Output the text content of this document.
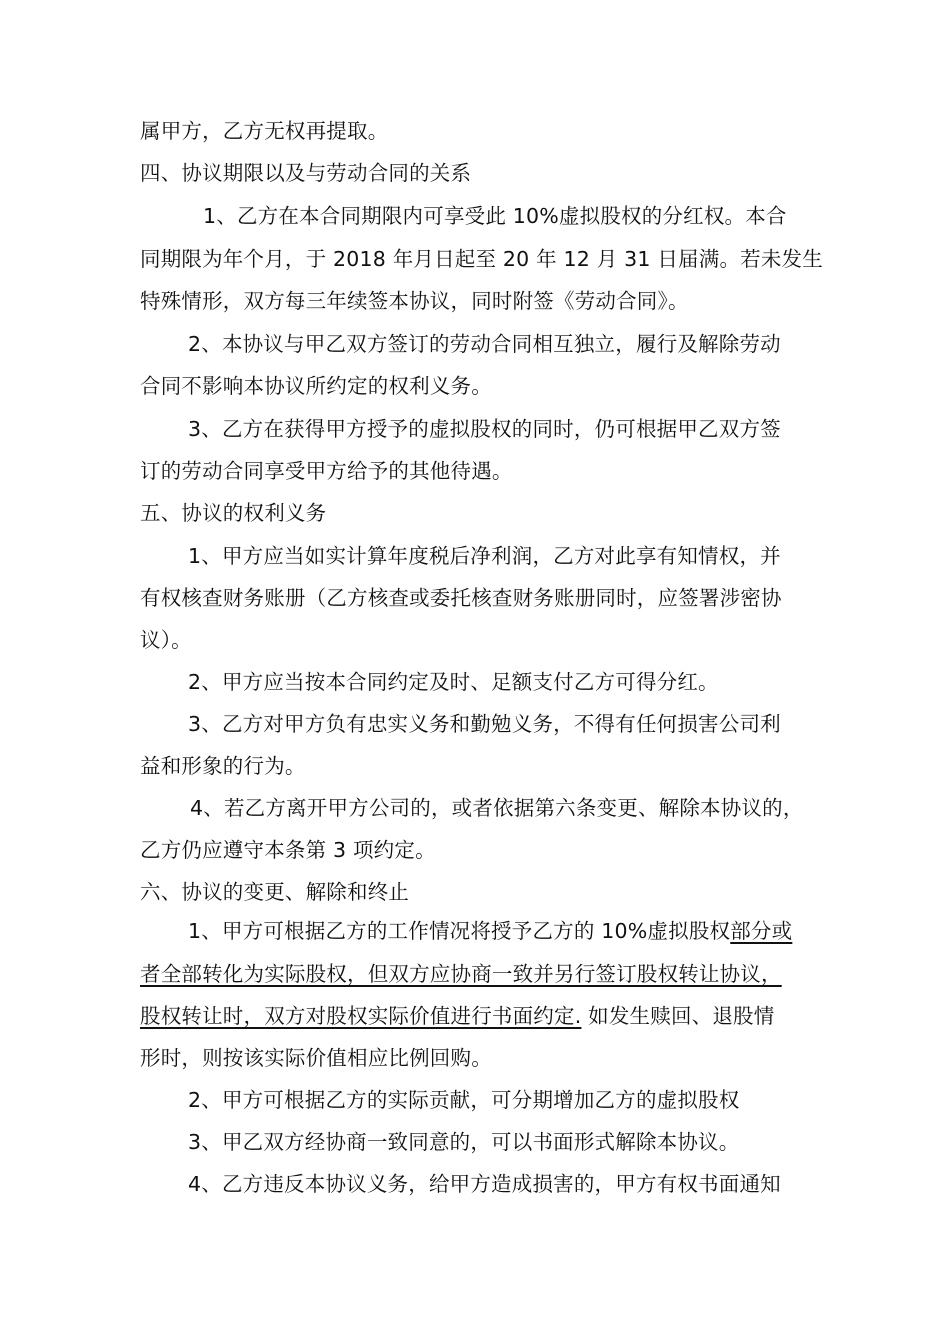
属甲方，乙方无权再提取。
四、协议期限以及与劳动合同的关系
1、乙方在本合同期限内可享受此 10%虚拟股权的分红权。本合
同期限为年个月，于 2018 年月日起至 20 年 12 月 31 日届满。若未发生
特殊情形，双方每三年续签本协议，同时附签《劳动合同》。
2、本协议与甲乙双方签订的劳动合同相互独立，履行及解除劳动
合同不影响本协议所约定的权利义务。
3、乙方在获得甲方授予的虚拟股权的同时，仍可根据甲乙双方签
订的劳动合同享受甲方给予的其他待遇。
五、协议的权利义务
1、甲方应当如实计算年度税后净利润，乙方对此享有知情权，并
有权核查财务账册（乙方核查或委托核查财务账册同时，应签署涉密协
议）。
2、甲方应当按本合同约定及时、足额支付乙方可得分红。
3、乙方对甲方负有忠实义务和勤勉义务，不得有任何损害公司利
益和形象的行为。
4、若乙方离开甲方公司的，或者依据第六条变更、解除本协议的，
乙方仍应遵守本条第 3 项约定。
六、协议的变更、解除和终止
1、甲方可根据乙方的工作情况将授予乙方的 10%虚拟股权部分或
者全部转化为实际股权，但双方应协商一致并另行签订股权转让协议，
股权转让时，双方对股权实际价值进行书面约定. 如发生赎回、退股情
形时，则按该实际价值相应比例回购。
2、甲方可根据乙方的实际贡献，可分期增加乙方的虚拟股权
3、甲乙双方经协商一致同意的，可以书面形式解除本协议。
4、乙方违反本协议义务，给甲方造成损害的，甲方有权书面通知
